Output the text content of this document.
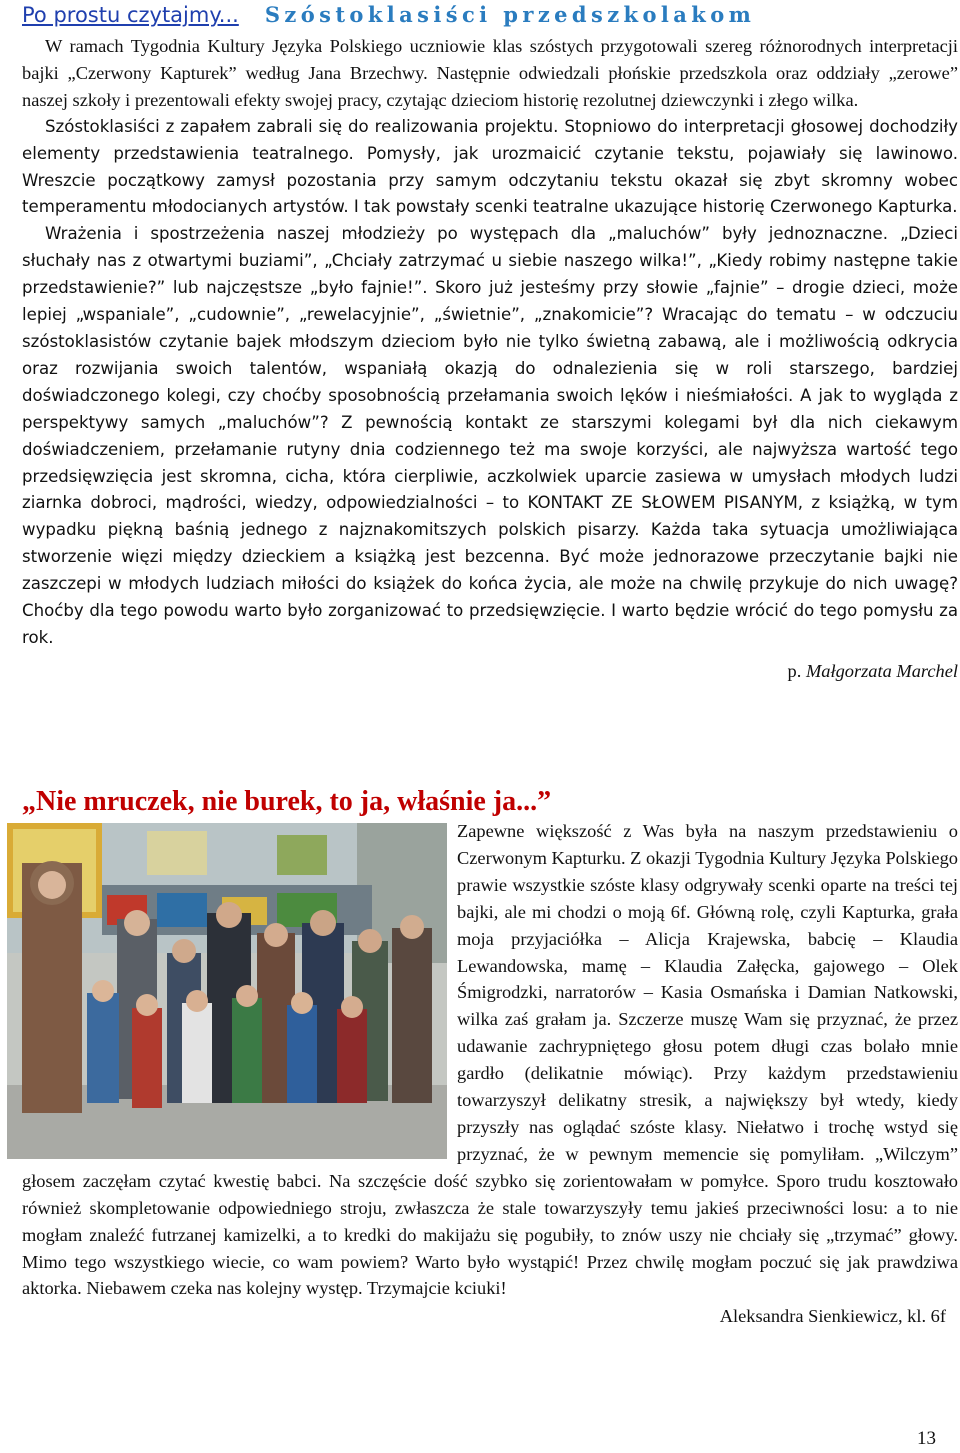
Po prostu czytajmy... Szóstoklasiści przedszkolakom

W ramach Tygodnia Kultury Języka Polskiego uczniowie klas szóstych przygotowali szereg różnorodnych interpretacji bajki „Czerwony Kapturek” według Jana Brzechwy. Następnie odwiedzali płońskie przedszkola oraz oddziały „zerowe” naszej szkoły i prezentowali efekty swojej pracy, czytając dzieciom historię rezolutnej dziewczynki i złego wilka.

Szóstoklasiści z zapałem zabrali się do realizowania projektu. Stopniowo do interpretacji głosowej dochodziły elementy przedstawienia teatralnego. Pomysły, jak urozmaicić czytanie tekstu, pojawiały się lawinowo. Wreszcie początkowy zamysł pozostania przy samym odczytaniu tekstu okazał się zbyt skromny wobec temperamentu młodocianych artystów. I tak powstały scenki teatralne ukazujące historię Czerwonego Kapturka.

Wrażenia i spostrzeżenia naszej młodzieży po występach dla „maluchów” były jednoznaczne. „Dzieci słuchały nas z otwartymi buziami”, „Chciały zatrzymać u siebie naszego wilka!”, „Kiedy robimy następne takie przedstawienie?” lub najczęstsze „było fajnie!”. Skoro już jesteśmy przy słowie „fajnie” – drogie dzieci, może lepiej „wspaniale”, „cudownie”, „rewelacyjnie”, „świetnie”, „znakomicie”? Wracając do tematu – w odczuciu szóstoklasistów czytanie bajek młodszym dzieciom było nie tylko świetną zabawą, ale i możliwością odkrycia oraz rozwijania swoich talentów, wspaniałą okazją do odnalezienia się w roli starszego, bardziej doświadczonego kolegi, czy choćby sposobnością przełamania swoich lęków i nieśmiałości. A jak to wygląda z perspektywy samych „maluchów”? Z pewnością kontakt ze starszymi kolegami był dla nich ciekawym doświadczeniem, przełamanie rutyny dnia codziennego też ma swoje korzyści, ale najwyższa wartość tego przedsięwzięcia jest skromna, cicha, która cierpliwie, aczkolwiek uparcie zasiewa w umysłach młodych ludzi ziarnka dobroci, mądrości, wiedzy, odpowiedzialności – to KONTAKT ZE SŁOWEM PISANYM, z książką, w tym wypadku piękną baśnią jednego z najznakomitszych polskich pisarzy. Każda taka sytuacja umożliwiająca stworzenie więzi między dzieckiem a książką jest bezcenna. Być może jednorazowe przeczytanie bajki nie zaszczepi w młodych ludziach miłości do książek do końca życia, ale może na chwilę przykuje do nich uwagę? Choćby dla tego powodu warto było zorganizować to przedsięwzięcie. I warto będzie wrócić do tego pomysłu za rok.

p. Małgorzata Marchel
„Nie mruczek, nie burek, to ja, właśnie ja...”

Zapewne większość z Was była na naszym przedstawieniu o Czerwonym Kapturku. Z okazji Tygodnia Kultury Języka Polskiego prawie wszystkie szóste klasy odgrywały scenki oparte na treści tej bajki, ale mi chodzi o moją 6f. Główną rolę, czyli Kapturka, grała moja przyjaciółka – Alicja Krajewska, babcię – Klaudia Lewandowska, mamę – Klaudia Załęcka, gajowego – Olek Śmigrodzki, narratorów – Kasia Osmańska i Damian Natkowski, wilka zaś grałam ja. Szczerze muszę Wam się przyznać, że przez udawanie zachrypniętego głosu potem długi czas bolało mnie gardło (delikatnie mówiąc). Przy każdym przedstawieniu towarzyszył delikatny stresik, a największy był wtedy, kiedy przyszły nas oglądać szóste klasy. Niełatwo i trochę wstyd się przyznać, że w pewnym memencie się pomyliłam. „Wilczym” głosem zaczęłam czytać kwestię babci. Na szczęście dość szybko się zorientowałam w pomyłce. Sporo trudu kosztowało również skompletowanie odpowiedniego stroju, zwłaszcza że stale towarzyszyły temu jakieś przeciwności losu: a to nie mogłam znaleźć futrzanej kamizelki, a to kredki do makijażu się pogubiły, to znów uszy nie chciały się „trzymać” głowy. Mimo tego wszystkiego wiecie, co wam powiem? Warto było wystąpić! Przez chwilę mogłam poczuć się jak prawdziwa aktorka. Niebawem czeka nas kolejny występ. Trzymajcie kciuki!

Aleksandra Sienkiewicz, kl. 6f
13
